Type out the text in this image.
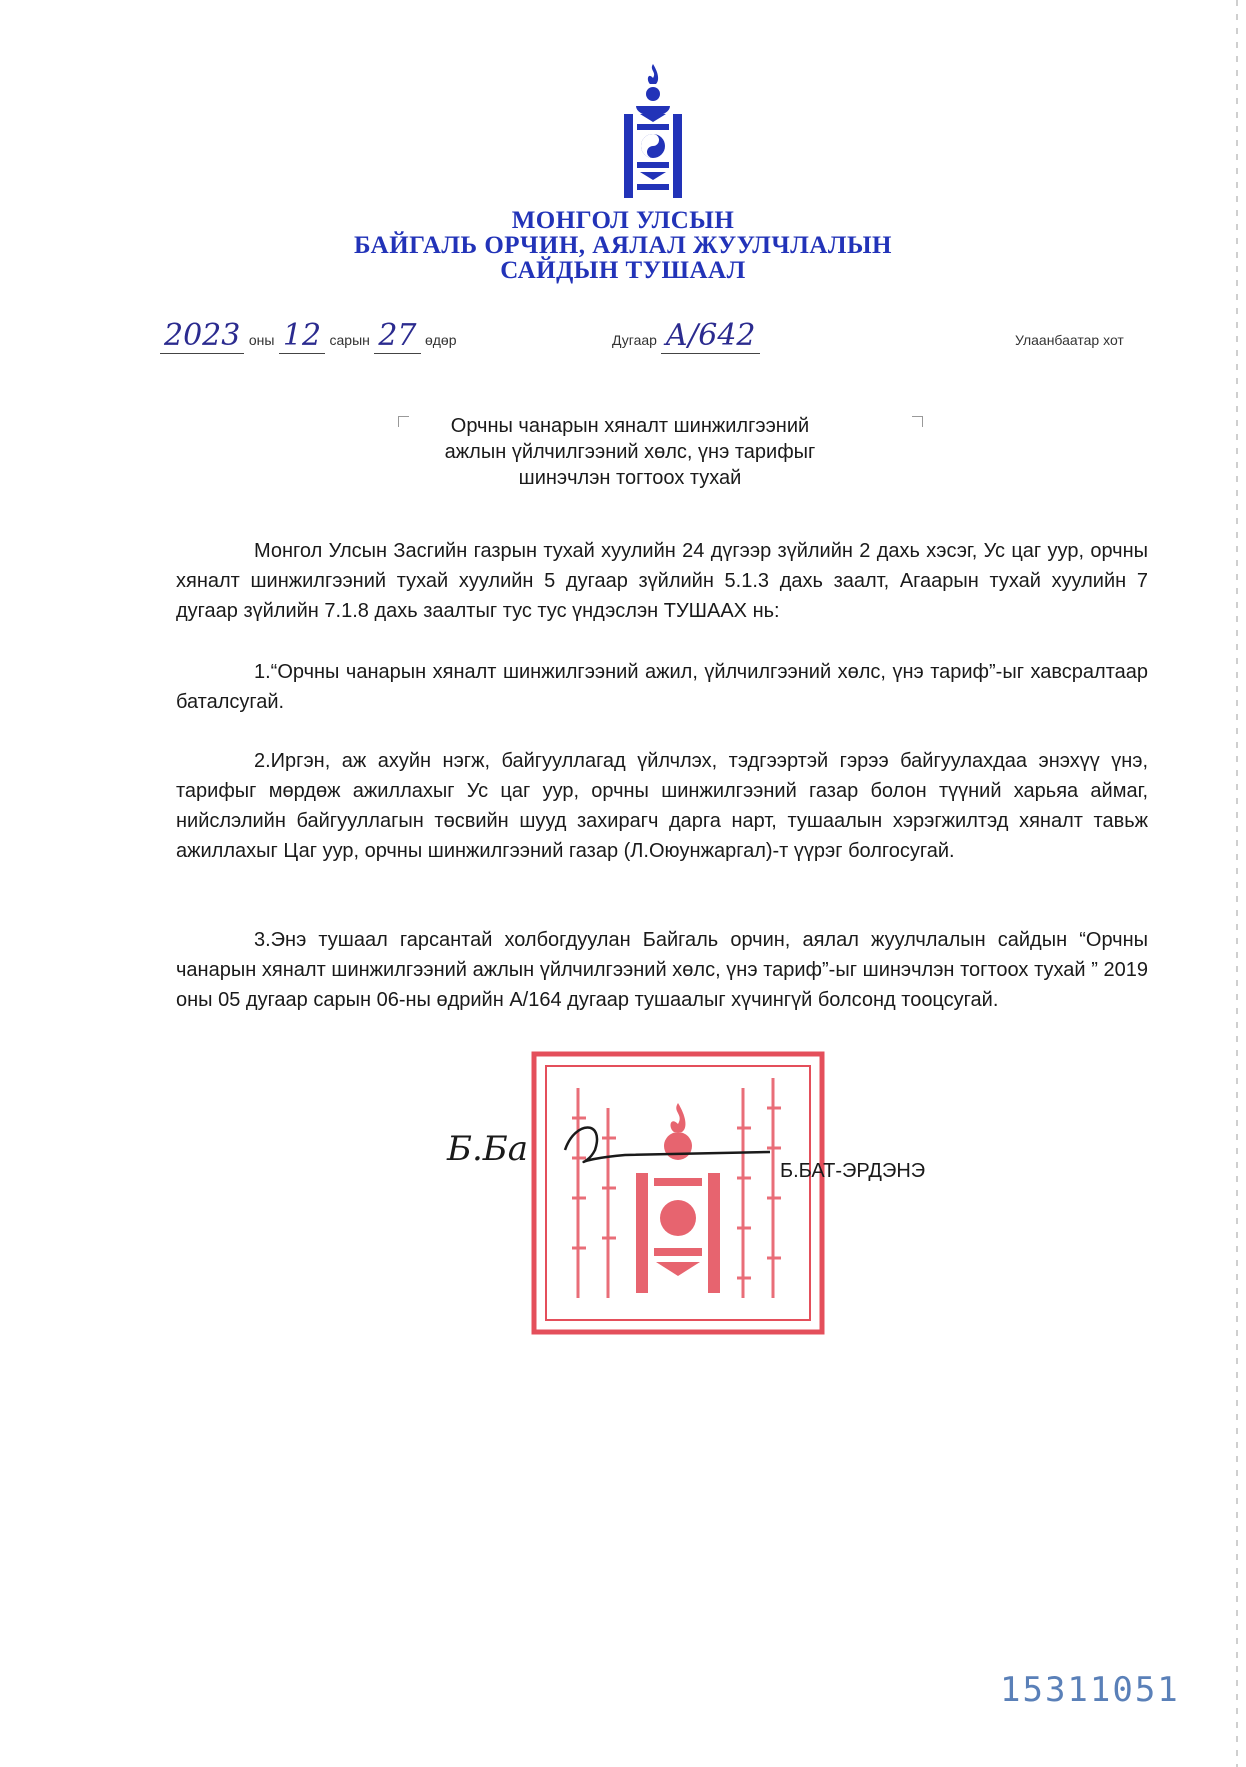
МОНГОЛ УЛСЫН
БАЙГАЛЬ ОРЧИН, АЯЛАЛ ЖУУЛЧЛАЛЫН
САЙДЫН ТУШААЛ
2023 оны 12 сарын 27 өдөр	Дугаар А/642	Улаанбаатар хот
Орчны чанарын хяналт шинжилгээний
ажлын үйлчилгээний хөлс, үнэ тарифыг
шинэчлэн тогтоох тухай

Монгол Улсын Засгийн газрын тухай хуулийн 24 дүгээр зүйлийн 2 дахь хэсэг, Ус цаг уур, орчны хяналт шинжилгээний тухай хуулийн 5 дугаар зүйлийн 5.1.3 дахь заалт, Агаарын тухай хуулийн 7 дугаар зүйлийн 7.1.8 дахь заалтыг тус тус үндэслэн ТУШААХ нь:

1.“Орчны чанарын хяналт шинжилгээний ажил, үйлчилгээний хөлс, үнэ тариф”-ыг хавсралтаар баталсугай.

2.Иргэн, аж ахуйн нэгж, байгууллагад үйлчлэх, тэдгээртэй гэрээ байгуулахдаа энэхүү үнэ, тарифыг мөрдөж ажиллахыг Ус цаг уур, орчны шинжилгээний газар болон түүний харьяа аймаг, нийслэлийн байгууллагын төсвийн шууд захирагч дарга нарт, тушаалын хэрэгжилтэд хяналт тавьж ажиллахыг Цаг уур, орчны шинжилгээний газар (Л.Оюунжаргал)-т үүрэг болгосугай.

3.Энэ тушаал гарсантай холбогдуулан Байгаль орчин, аялал жуулчлалын сайдын “Орчны чанарын хяналт шинжилгээний ажлын үйлчилгээний хөлс, үнэ тариф”-ыг шинэчлэн тогтоох тухай ” 2019 оны 05 дугаар сарын 06-ны өдрийн А/164 дугаар тушаалыг хүчингүй болсонд тооцсугай.

Б.Ба
Б.БАТ-ЭРДЭНЭ
15311051
